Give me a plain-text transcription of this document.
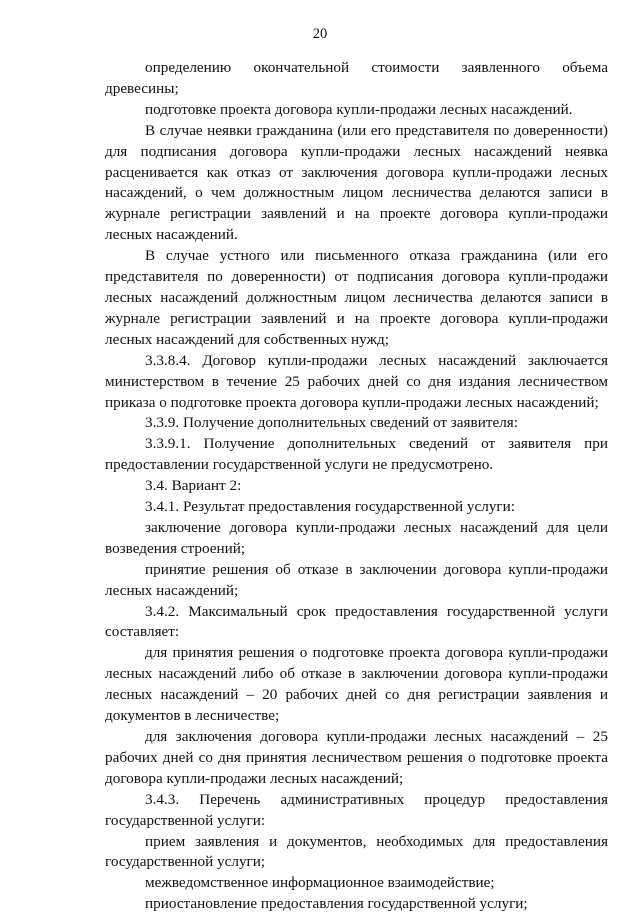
20

определению окончательной стоимости заявленного объема древесины;

подготовке проекта договора купли-продажи лесных насаждений.

В случае неявки гражданина (или его представителя по доверенности) для подписания договора купли-продажи лесных насаждений неявка расценивается как отказ от заключения договора купли-продажи лесных насаждений, о чем должностным лицом лесничества делаются записи в журнале регистрации заявлений и на проекте договора купли-продажи лесных насаждений.

В случае устного или письменного отказа гражданина (или его представителя по доверенности) от подписания договора купли-продажи лесных насаждений должностным лицом лесничества делаются записи в журнале регистрации заявлений и на проекте договора купли-продажи лесных насаждений для собственных нужд;

3.3.8.4. Договор купли-продажи лесных насаждений заключается министерством в течение 25 рабочих дней со дня издания лесничеством приказа о подготовке проекта договора купли-продажи лесных насаждений;

3.3.9. Получение дополнительных сведений от заявителя:

3.3.9.1. Получение дополнительных сведений от заявителя при предоставлении государственной услуги не предусмотрено.

3.4. Вариант 2:

3.4.1. Результат предоставления государственной услуги:

заключение договора купли-продажи лесных насаждений для цели возведения строений;

принятие решения об отказе в заключении договора купли-продажи лесных насаждений;

3.4.2. Максимальный срок предоставления государственной услуги составляет:

для принятия решения о подготовке проекта договора купли-продажи лесных насаждений либо об отказе в заключении договора купли-продажи лесных насаждений – 20 рабочих дней со дня регистрации заявления и документов в лесничестве;

для заключения договора купли-продажи лесных насаждений – 25 рабочих дней со дня принятия лесничеством решения о подготовке проекта договора купли-продажи лесных насаждений;

3.4.3. Перечень административных процедур предоставления государственной услуги:

прием заявления и документов, необходимых для предоставления государственной услуги;

межведомственное информационное взаимодействие;

приостановление предоставления государственной услуги;
